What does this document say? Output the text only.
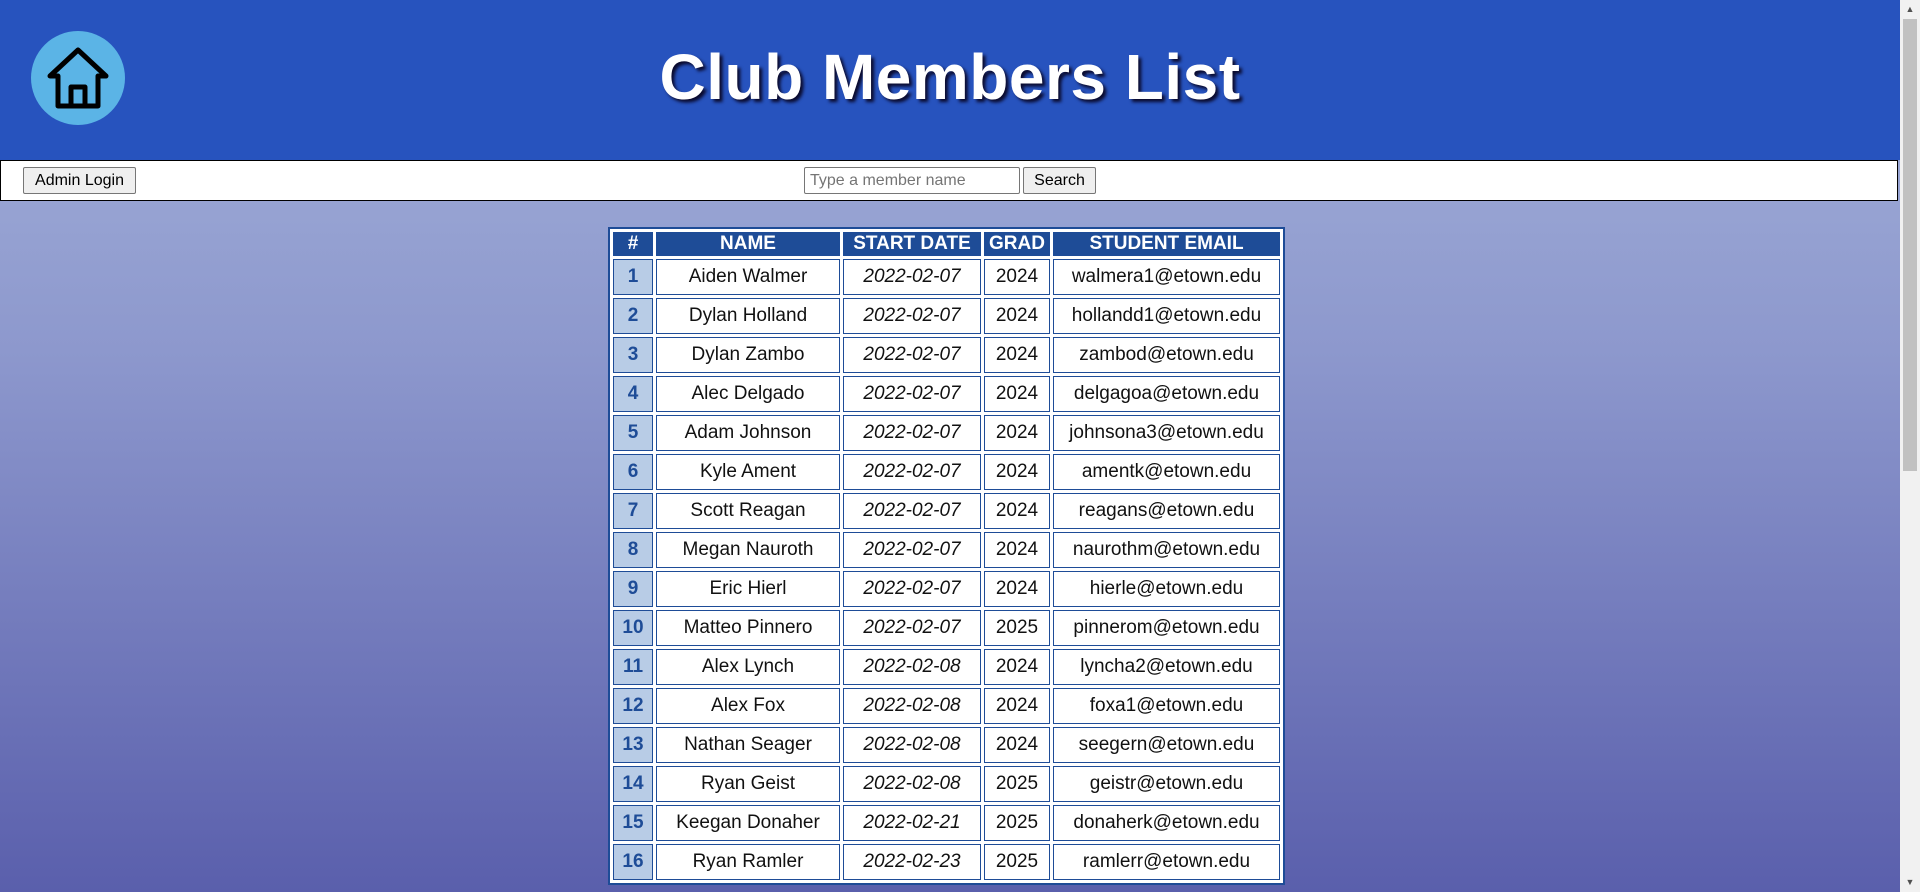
Club Members List
Admin Login
Type a member name	Search
#	NAME	START DATE	GRAD	STUDENT EMAIL
1	Aiden Walmer	2022-02-07	2024	walmera1@etown.edu
2	Dylan Holland	2022-02-07	2024	hollandd1@etown.edu
3	Dylan Zambo	2022-02-07	2024	zambod@etown.edu
4	Alec Delgado	2022-02-07	2024	delgagoa@etown.edu
5	Adam Johnson	2022-02-07	2024	johnsona3@etown.edu
6	Kyle Ament	2022-02-07	2024	amentk@etown.edu
7	Scott Reagan	2022-02-07	2024	reagans@etown.edu
8	Megan Nauroth	2022-02-07	2024	naurothm@etown.edu
9	Eric Hierl	2022-02-07	2024	hierle@etown.edu
10	Matteo Pinnero	2022-02-07	2025	pinnerom@etown.edu
11	Alex Lynch	2022-02-08	2024	lyncha2@etown.edu
12	Alex Fox	2022-02-08	2024	foxa1@etown.edu
13	Nathan Seager	2022-02-08	2024	seegern@etown.edu
14	Ryan Geist	2022-02-08	2025	geistr@etown.edu
15	Keegan Donaher	2022-02-21	2025	donaherk@etown.edu
16	Ryan Ramler	2022-02-23	2025	ramlerr@etown.edu
▲
▼
